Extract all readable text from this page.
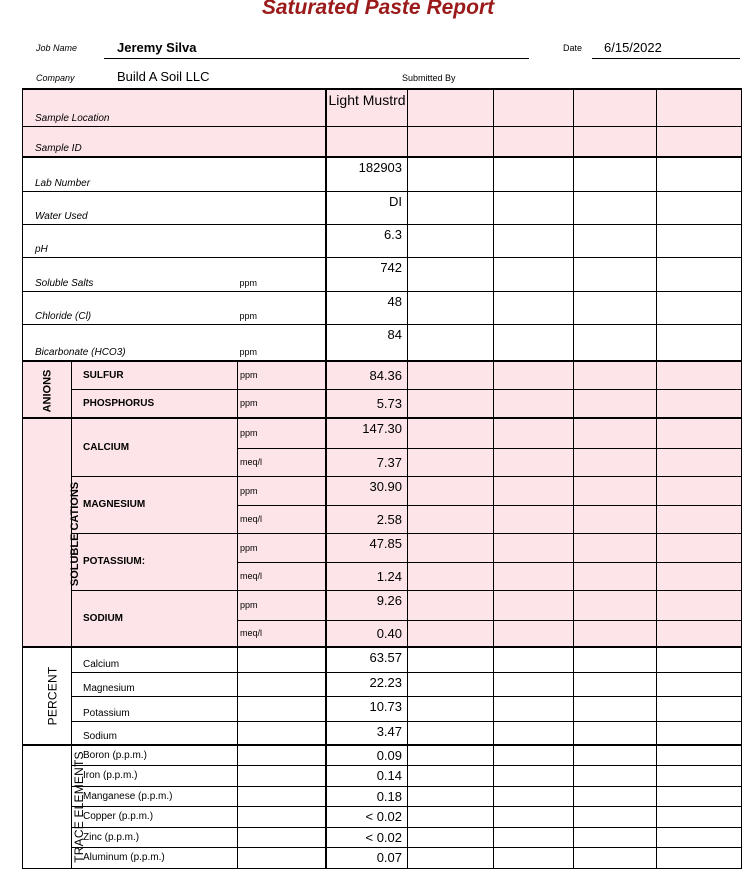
Saturated Paste Report
Job Name	Jeremy Silva	Date 6/15/2022
Company	Build A Soil LLC	Submitted By
Sample Location			Light Mustrd				
Sample ID							
Lab Number			182903				
Water Used			DI				
pH			6.3				
Soluble Salts		ppm	742				
Chloride (Cl)		ppm	48				
Bicarbonate (HCO3)		ppm	84				
ANIONS	SULFUR	ppm	84.36				
	PHOSPHORUS	ppm	5.73				
SOLUBLE CATIONS	CALCIUM	ppm	147.30				
		meq/l	7.37				
	MAGNESIUM	ppm	30.90				
		meq/l	2.58				
	POTASSIUM:	ppm	47.85				
		meq/l	1.24				
	SODIUM	ppm	9.26				
		meq/l	0.40				
PERCENT	Calcium		63.57				
	Magnesium		22.23				
	Potassium		10.73				
	Sodium		3.47				
TRACE ELEMENTS	Boron (p.p.m.)		0.09				
	Iron (p.p.m.)		0.14				
	Manganese (p.p.m.)		0.18				
	Copper (p.p.m.)		< 0.02				
	Zinc (p.p.m.)		< 0.02				
	Aluminum (p.p.m.)		0.07				
